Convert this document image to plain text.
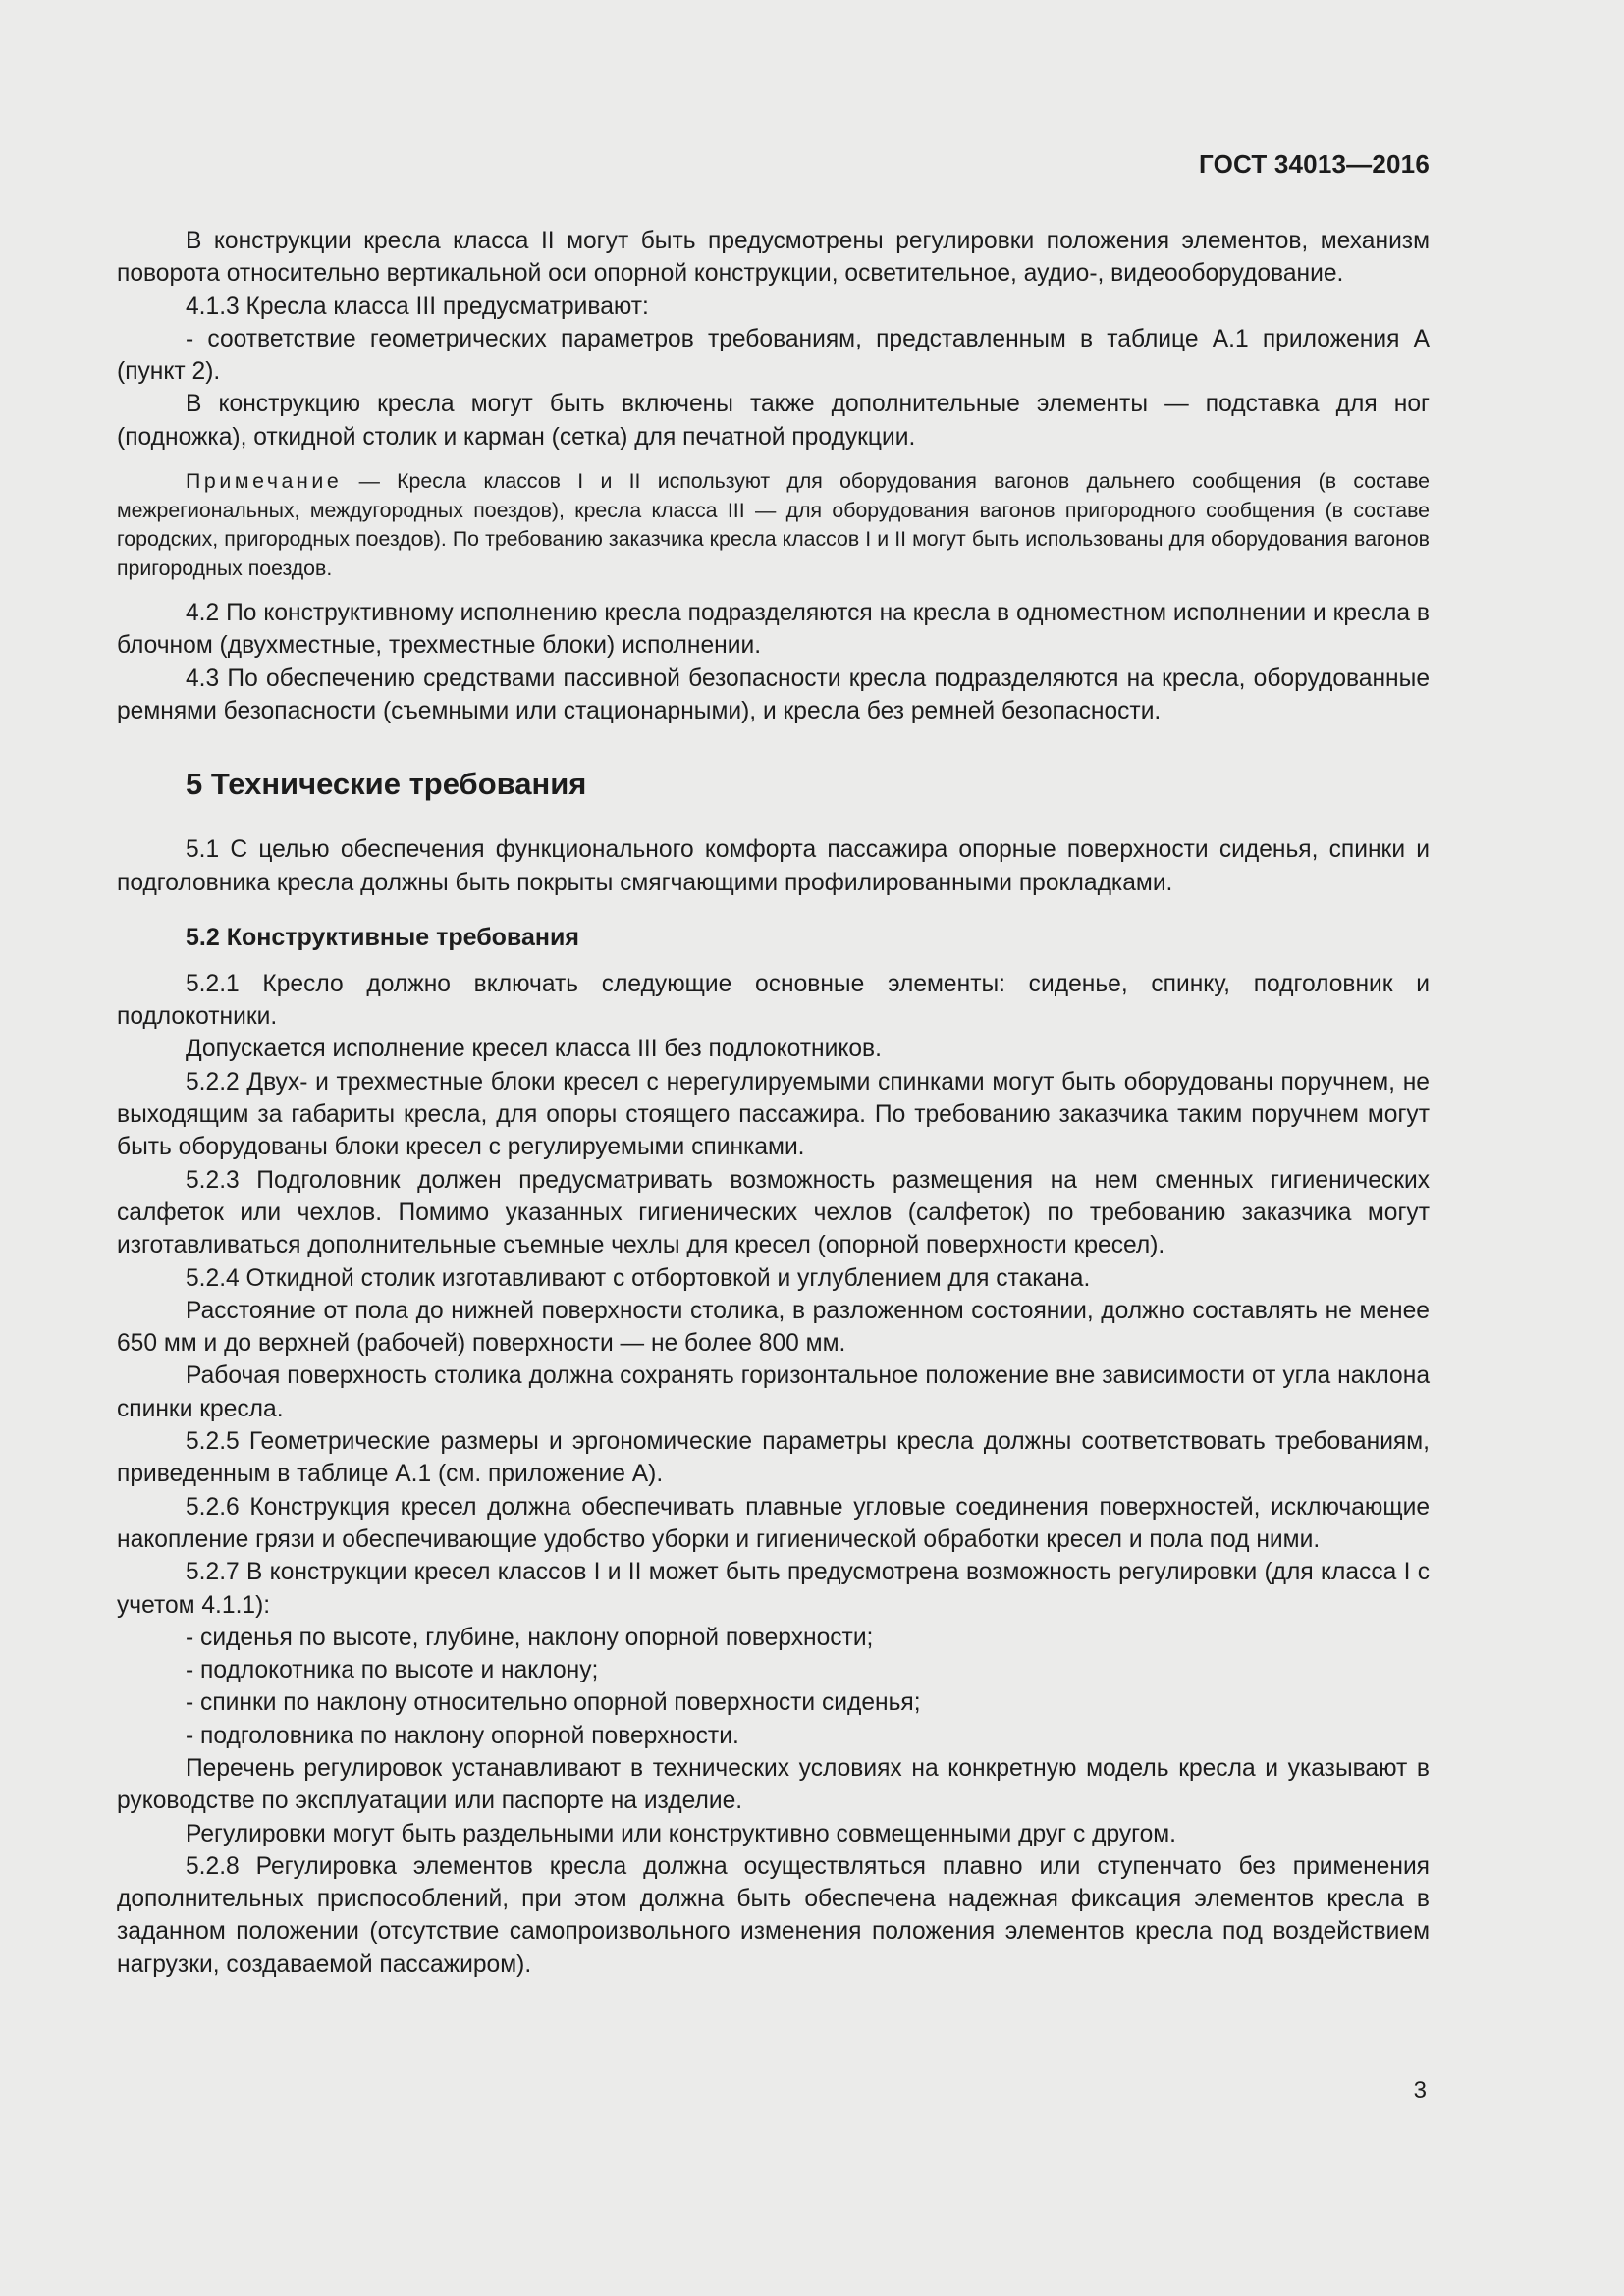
ГОСТ 34013—2016

В конструкции кресла класса II могут быть предусмотрены регулировки положения элементов, механизм поворота относительно вертикальной оси опорной конструкции, осветительное, аудио-, видеооборудование.

4.1.3 Кресла класса III предусматривают:

- соответствие геометрических параметров требованиям, представленным в таблице А.1 приложения А (пункт 2).

В конструкцию кресла могут быть включены также дополнительные элементы — подставка для ног (подножка), откидной столик и карман (сетка) для печатной продукции.

Примечание — Кресла классов I и II используют для оборудования вагонов дальнего сообщения (в составе межрегиональных, междугородных поездов), кресла класса III — для оборудования вагонов пригородного сообщения (в составе городских, пригородных поездов). По требованию заказчика кресла классов I и II могут быть использованы для оборудования вагонов пригородных поездов.

4.2 По конструктивному исполнению кресла подразделяются на кресла в одноместном исполнении и кресла в блочном (двухместные, трехместные блоки) исполнении.

4.3 По обеспечению средствами пассивной безопасности кресла подразделяются на кресла, оборудованные ремнями безопасности (съемными или стационарными), и кресла без ремней безопасности.

5 Технические требования

5.1 С целью обеспечения функционального комфорта пассажира опорные поверхности сиденья, спинки и подголовника кресла должны быть покрыты смягчающими профилированными прокладками.

5.2 Конструктивные требования

5.2.1 Кресло должно включать следующие основные элементы: сиденье, спинку, подголовник и подлокотники.

Допускается исполнение кресел класса III без подлокотников.

5.2.2 Двух- и трехместные блоки кресел с нерегулируемыми спинками могут быть оборудованы поручнем, не выходящим за габариты кресла, для опоры стоящего пассажира. По требованию заказчика таким поручнем могут быть оборудованы блоки кресел с регулируемыми спинками.

5.2.3 Подголовник должен предусматривать возможность размещения на нем сменных гигиенических салфеток или чехлов. Помимо указанных гигиенических чехлов (салфеток) по требованию заказчика могут изготавливаться дополнительные съемные чехлы для кресел (опорной поверхности кресел).

5.2.4 Откидной столик изготавливают с отбортовкой и углублением для стакана.

Расстояние от пола до нижней поверхности столика, в разложенном состоянии, должно составлять не менее 650 мм и до верхней (рабочей) поверхности — не более 800 мм.

Рабочая поверхность столика должна сохранять горизонтальное положение вне зависимости от угла наклона спинки кресла.

5.2.5 Геометрические размеры и эргономические параметры кресла должны соответствовать требованиям, приведенным в таблице А.1 (см. приложение А).

5.2.6 Конструкция кресел должна обеспечивать плавные угловые соединения поверхностей, исключающие накопление грязи и обеспечивающие удобство уборки и гигиенической обработки кресел и пола под ними.

5.2.7 В конструкции кресел классов I и II может быть предусмотрена возможность регулировки (для класса I с учетом 4.1.1):

- сиденья по высоте, глубине, наклону опорной поверхности;

- подлокотника по высоте и наклону;

- спинки по наклону относительно опорной поверхности сиденья;

- подголовника по наклону опорной поверхности.

Перечень регулировок устанавливают в технических условиях на конкретную модель кресла и указывают в руководстве по эксплуатации или паспорте на изделие.

Регулировки могут быть раздельными или конструктивно совмещенными друг с другом.

5.2.8 Регулировка элементов кресла должна осуществляться плавно или ступенчато без применения дополнительных приспособлений, при этом должна быть обеспечена надежная фиксация элементов кресла в заданном положении (отсутствие самопроизвольного изменения положения элементов кресла под воздействием нагрузки, создаваемой пассажиром).

3
